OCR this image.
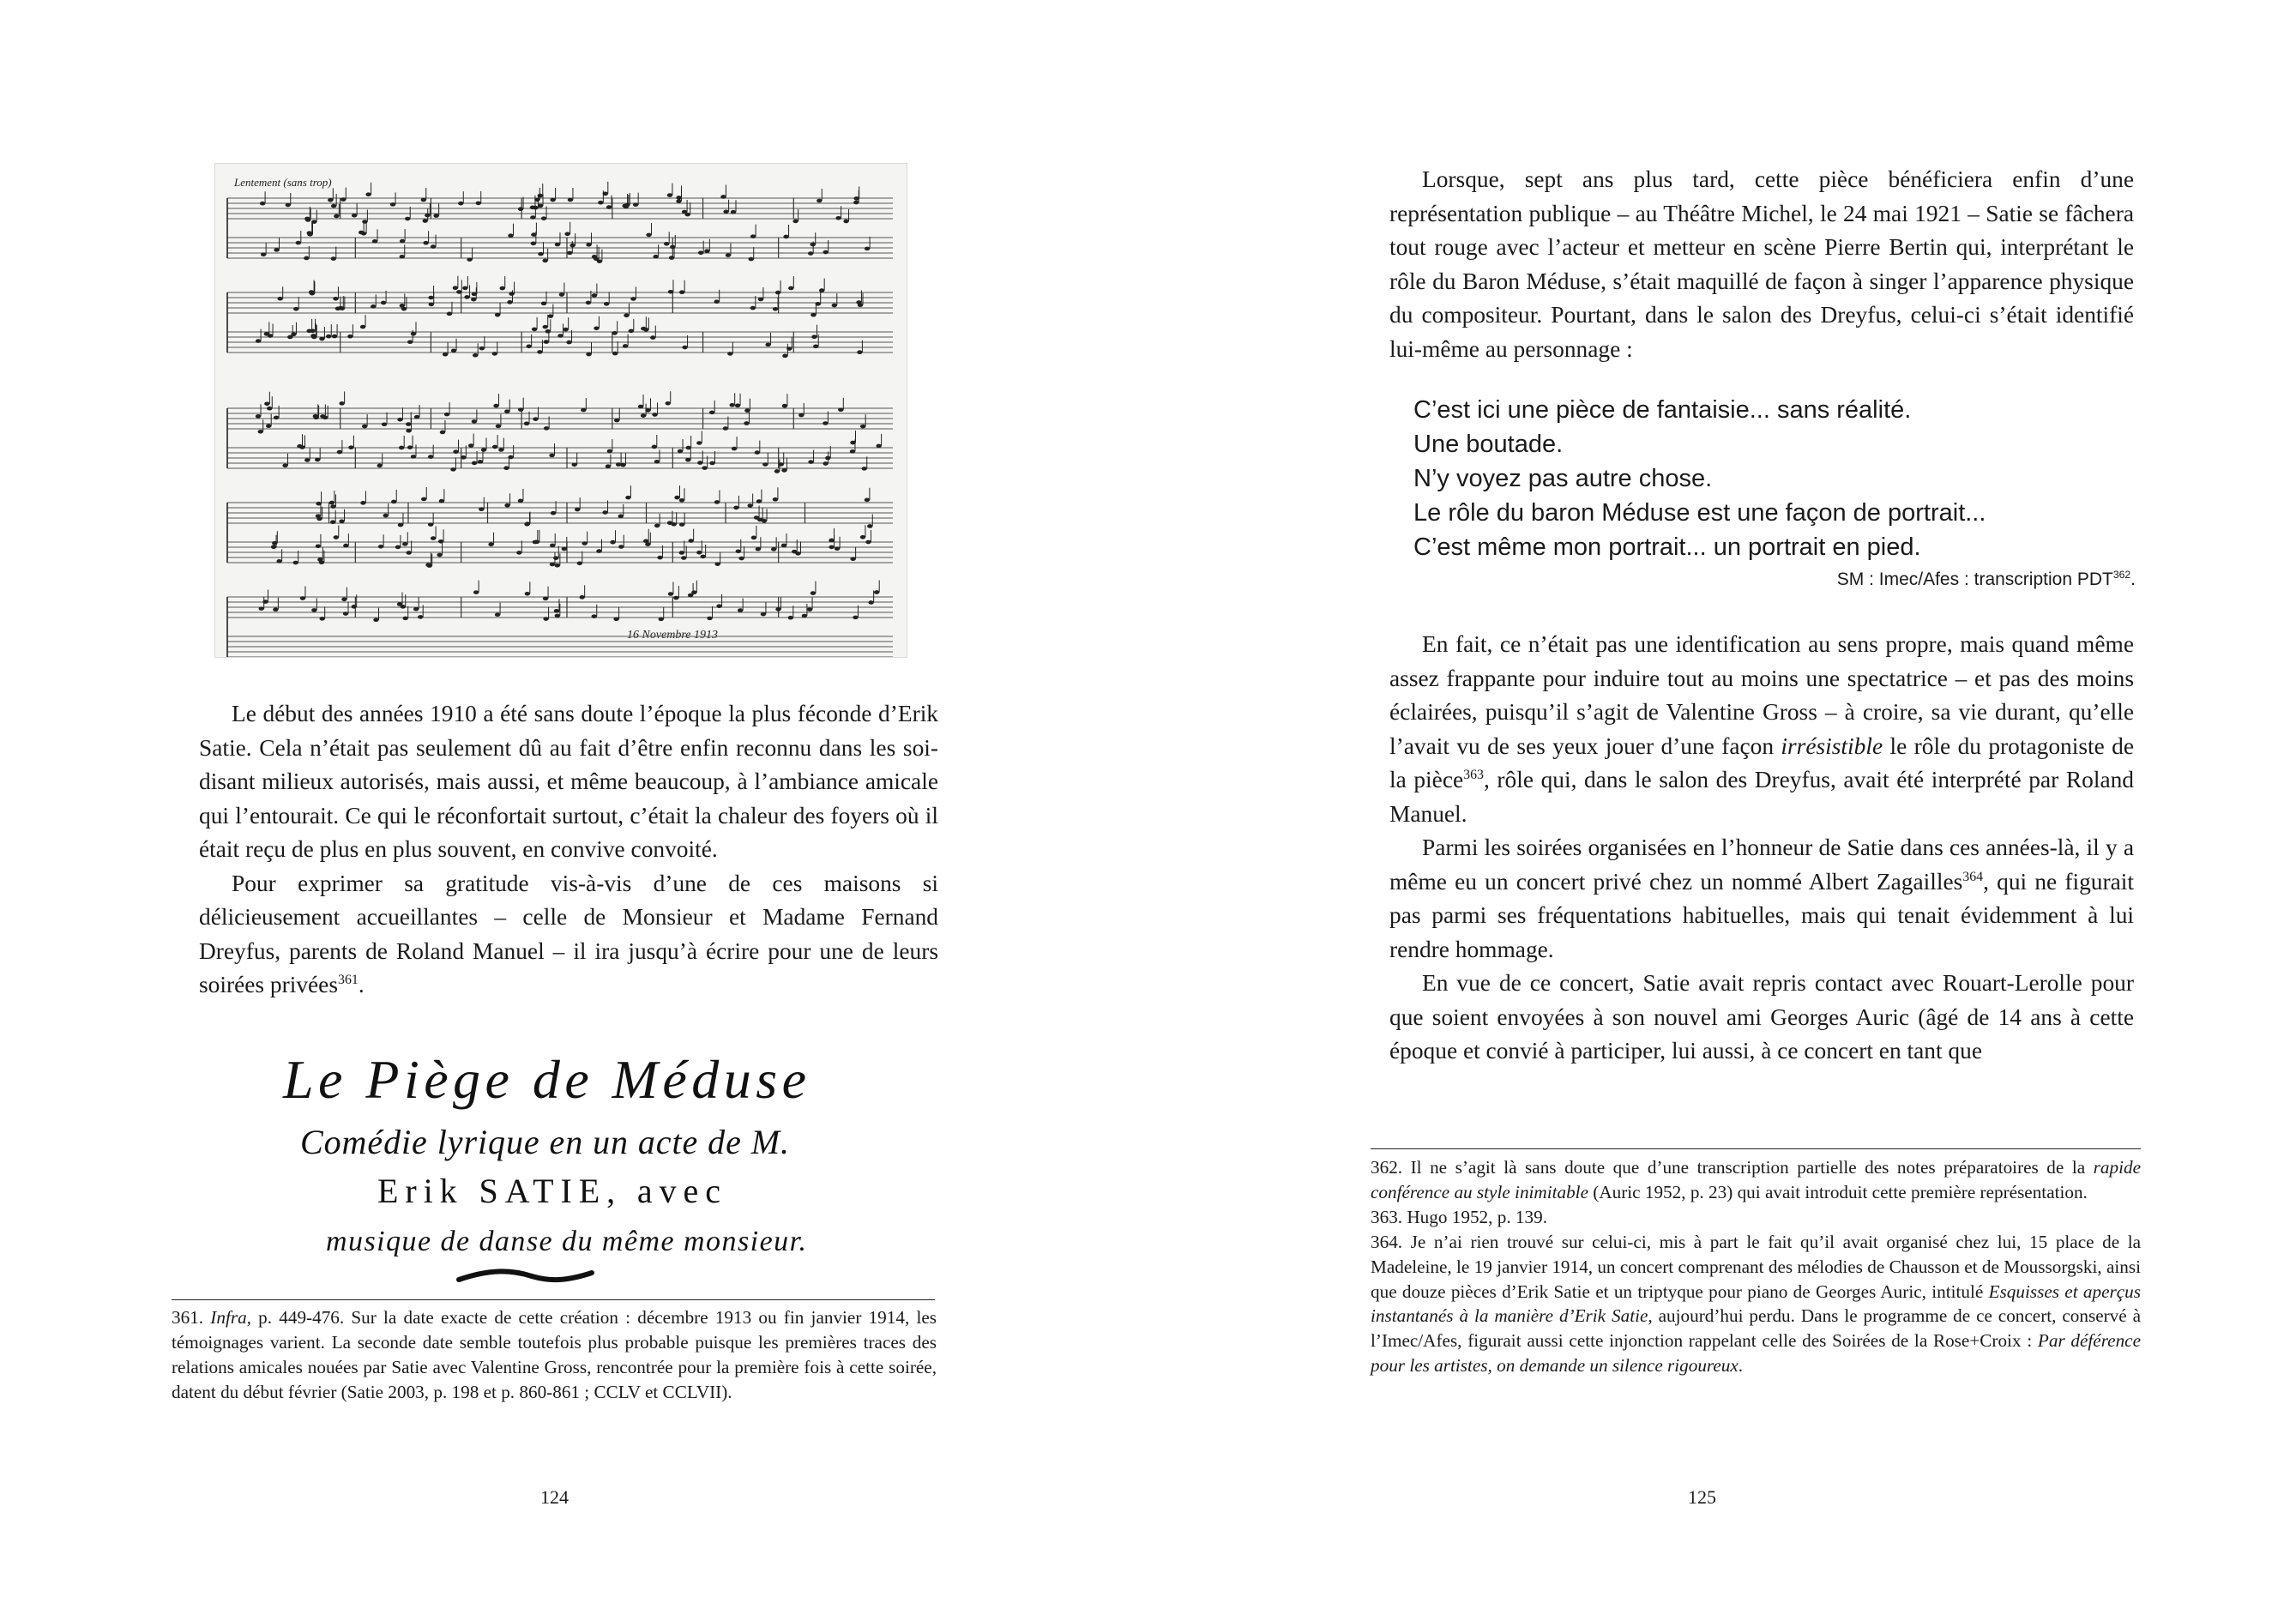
Lentement (sans trop)
16 Novembre 1913

Le début des années 1910 a été sans doute l’époque la plus féconde d’Erik Satie. Cela n’était pas seulement dû au fait d’être enfin reconnu dans les soi-disant milieux autorisés, mais aussi, et même beaucoup, à l’ambiance amicale qui l’entourait. Ce qui le réconfortait surtout, c’était la chaleur des foyers où il était reçu de plus en plus souvent, en convive convoité.

Pour exprimer sa gratitude vis-à-vis d’une de ces maisons si délicieusement accueillantes – celle de Monsieur et Madame Fernand Dreyfus, parents de Roland Manuel – il ira jusqu’à écrire pour une de leurs soirées privées$^{361}$.

Le Piège de Méduse
Comédie lyrique en un acte de M.
Erik SATIE, avec
musique de danse du même monsieur.

361. Infra, p. 449-476. Sur la date exacte de cette création : décembre 1913 ou fin janvier 1914, les témoignages varient. La seconde date semble toutefois plus probable puisque les premières traces des relations amicales nouées par Satie avec Valentine Gross, rencontrée pour la première fois à cette soirée, datent du début février (Satie 2003, p. 198 et p. 860-861 ; CCLV et CCLVII).

124

Lorsque, sept ans plus tard, cette pièce bénéficiera enfin d’une représentation publique – au Théâtre Michel, le 24 mai 1921 – Satie se fâchera tout rouge avec l’acteur et metteur en scène Pierre Bertin qui, interprétant le rôle du Baron Méduse, s’était maquillé de façon à singer l’apparence physique du compositeur. Pourtant, dans le salon des Dreyfus, celui-ci s’était identifié lui-même au personnage :

C’est ici une pièce de fantaisie... sans réalité.
Une boutade.
N’y voyez pas autre chose.
Le rôle du baron Méduse est une façon de portrait...
C’est même mon portrait... un portrait en pied.
SM : Imec/Afes : transcription PDT$^{362}$.

En fait, ce n’était pas une identification au sens propre, mais quand même assez frappante pour induire tout au moins une spectatrice – et pas des moins éclairées, puisqu’il s’agit de Valentine Gross – à croire, sa vie durant, qu’elle l’avait vu de ses yeux jouer d’une façon irrésistible le rôle du protagoniste de la pièce$^{363}$, rôle qui, dans le salon des Dreyfus, avait été interprété par Roland Manuel.

Parmi les soirées organisées en l’honneur de Satie dans ces années-là, il y a même eu un concert privé chez un nommé Albert Zagailles$^{364}$, qui ne figurait pas parmi ses fréquentations habituelles, mais qui tenait évidemment à lui rendre hommage.

En vue de ce concert, Satie avait repris contact avec Rouart-Lerolle pour que soient envoyées à son nouvel ami Georges Auric (âgé de 14 ans à cette époque et convié à participer, lui aussi, à ce concert en tant que

362. Il ne s’agit là sans doute que d’une transcription partielle des notes préparatoires de la rapide conférence au style inimitable (Auric 1952, p. 23) qui avait introduit cette première représentation.

363. Hugo 1952, p. 139.

364. Je n’ai rien trouvé sur celui-ci, mis à part le fait qu’il avait organisé chez lui, 15 place de la Madeleine, le 19 janvier 1914, un concert comprenant des mélodies de Chausson et de Moussorgski, ainsi que douze pièces d’Erik Satie et un triptyque pour piano de Georges Auric, intitulé Esquisses et aperçus instantanés à la manière d’Erik Satie, aujourd’hui perdu. Dans le programme de ce concert, conservé à l’Imec/Afes, figurait aussi cette injonction rappelant celle des Soirées de la Rose+Croix : Par déférence pour les artistes, on demande un silence rigoureux.

125
